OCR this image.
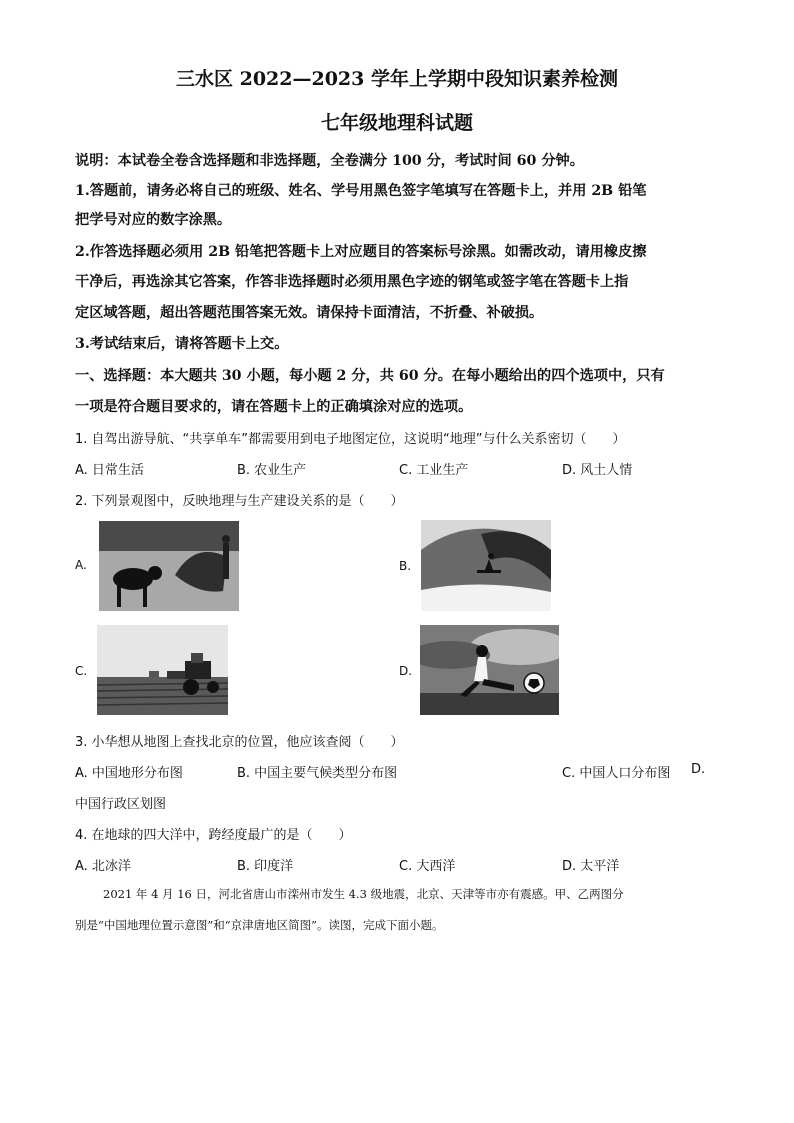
三水区 2022—2023 学年上学期中段知识素养检测
七年级地理科试题
说明：本试卷全卷含选择题和非选择题，全卷满分 100 分，考试时间 60 分钟。
1.答题前，请务必将自己的班级、姓名、学号用黑色签字笔填写在答题卡上，并用 2B 铅笔
把学号对应的数字涂黑。
2.作答选择题必须用 2B 铅笔把答题卡上对应题目的答案标号涂黑。如需改动，请用橡皮擦
干净后，再选涂其它答案，作答非选择题时必须用黑色字迹的钢笔或签字笔在答题卡上指
定区域答题，超出答题范围答案无效。请保持卡面清洁，不折叠、补破损。
3.考试结束后，请将答题卡上交。
一、选择题：本大题共 30 小题，每小题 2 分，共 60 分。在每小题给出的四个选项中，只有
一项是符合题目要求的，请在答题卡上的正确填涂对应的选项。
1. 自驾出游导航、“共享单车”都需要用到电子地图定位，这说明“地理”与什么关系密切（　　）
A. 日常生活	B. 农业生产	C. 工业生产	D. 风土人情
2. 下列景观图中，反映地理与生产建设关系的是（　　）
A.	B.
C.	D.
3. 小华想从地图上查找北京的位置，他应该查阅（　　）
A. 中国地形分布图	B. 中国主要气候类型分布图	C. 中国人口分布图 D.
中国行政区划图
4. 在地球的四大洋中，跨经度最广的是（　　）
A. 北冰洋	B. 印度洋	C. 大西洋	D. 太平洋
2021 年 4 月 16 日，河北省唐山市滦州市发生 4.3 级地震，北京、天津等市亦有震感。甲、乙两图分
别是“中国地理位置示意图”和“京津唐地区简图”。读图，完成下面小题。
